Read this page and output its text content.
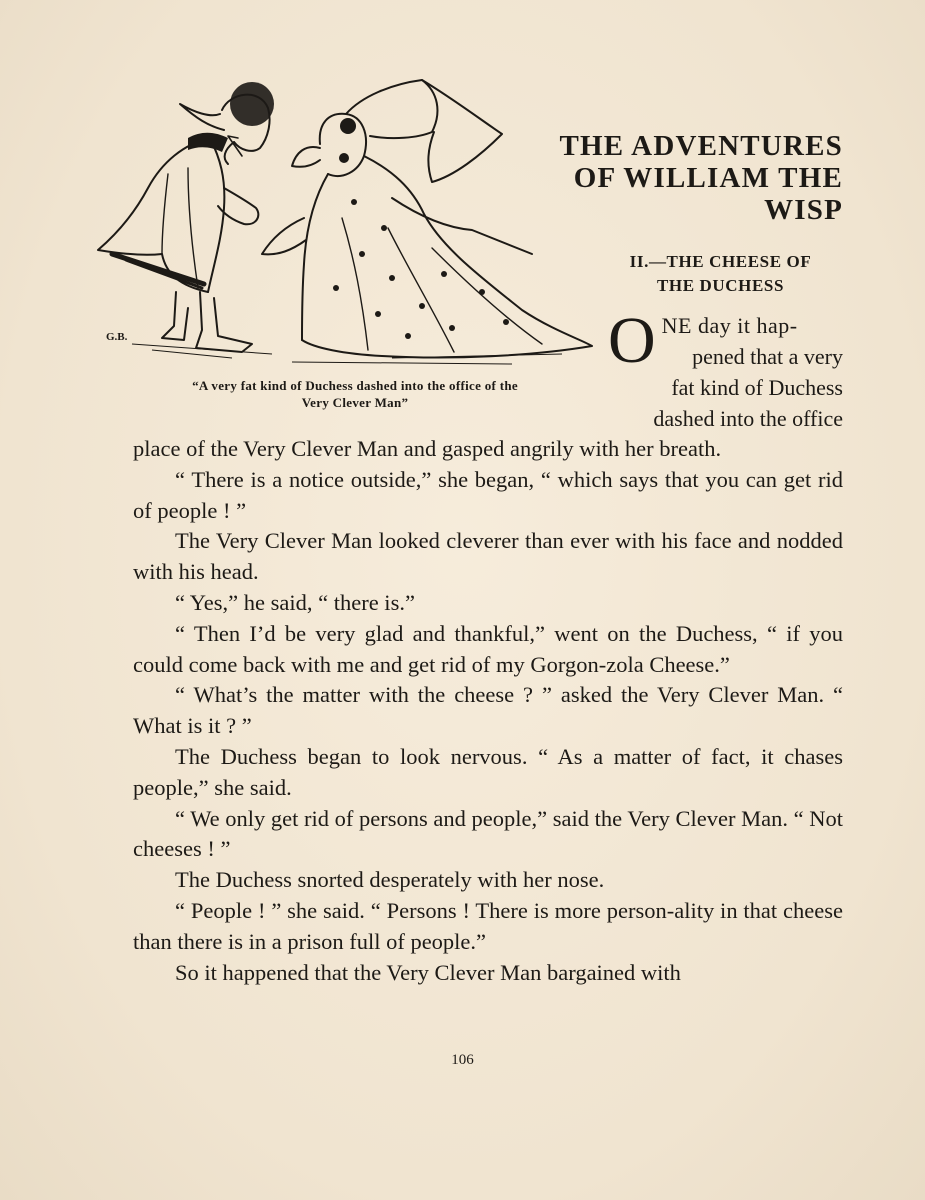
G.B.
“A very fat kind of Duchess dashed into the office of the
Very Clever Man”
THE ADVENTURES
OF WILLIAM THE
WISP
II.—THE CHEESE OF
THE DUCHESS
O NE day it hap-
pened that a very
fat kind of Duchess
dashed into the office

place of the Very Clever Man and gasped angrily with her breath.

“ There is a notice outside,” she began, “ which says that you can get rid of people ! ”

The Very Clever Man looked cleverer than ever with his face and nodded with his head.

“ Yes,” he said, “ there is.”

“ Then I’d be very glad and thankful,” went on the Duchess, “ if you could come back with me and get rid of my Gorgon-zola Cheese.”

“ What’s the matter with the cheese ? ” asked the Very Clever Man. “ What is it ? ”

The Duchess began to look nervous. “ As a matter of fact, it chases people,” she said.

“ We only get rid of persons and people,” said the Very Clever Man. “ Not cheeses ! ”

The Duchess snorted desperately with her nose.

“ People ! ” she said. “ Persons ! There is more person-ality in that cheese than there is in a prison full of people.”

So it happened that the Very Clever Man bargained with

106
